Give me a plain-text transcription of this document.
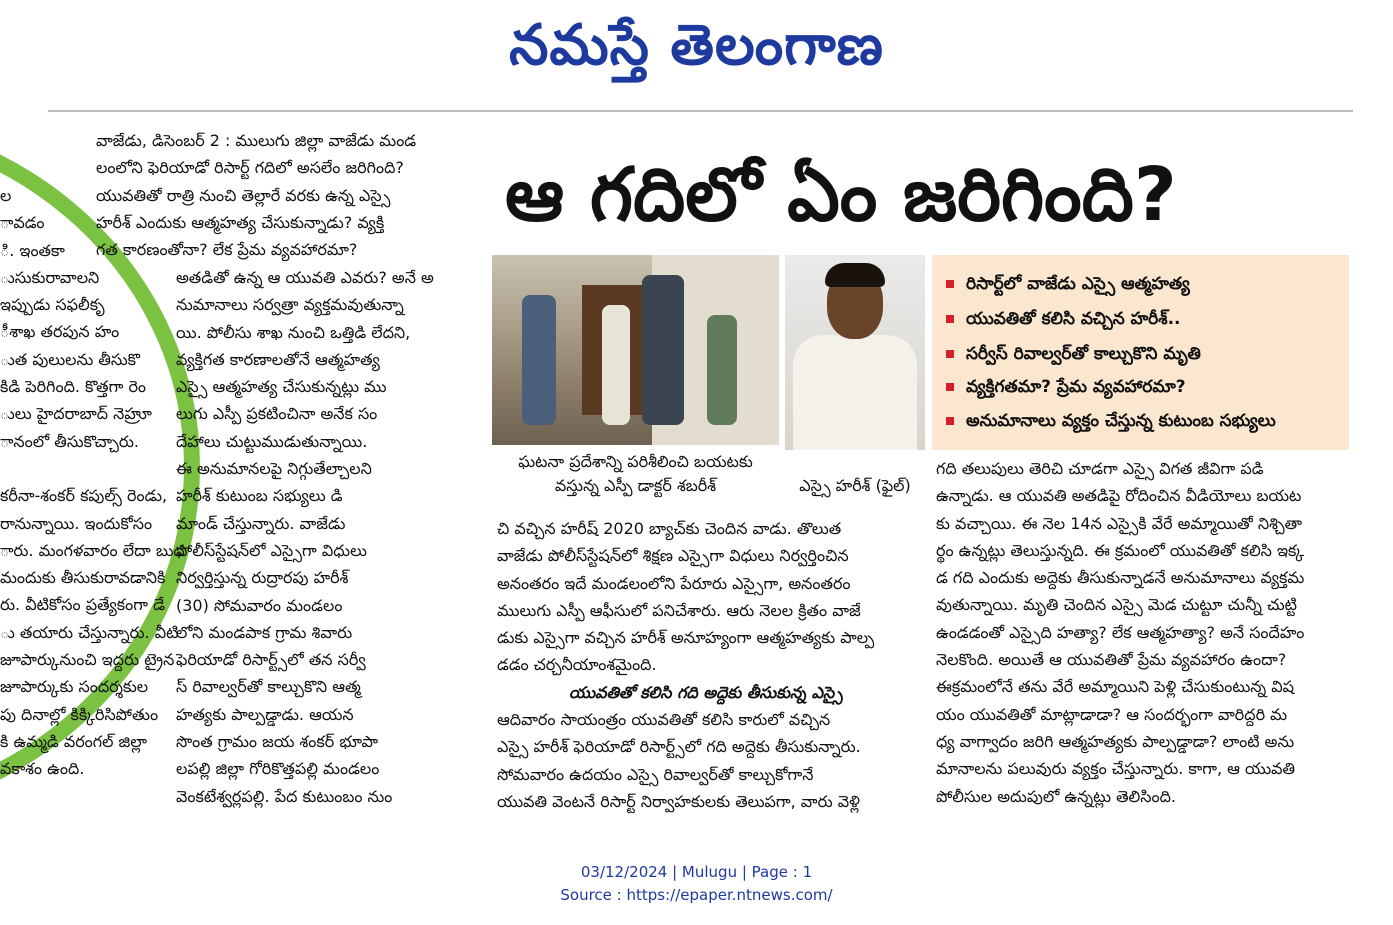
నమస్తే తెలంగాణ
ల
ావడం
ి. ఇంతకా
ుసుకురావాలని
ఇప్పుడు సఫలీకృ
ీశాఖ తరపున హం
ుత పులులను తీసుకొ
కిడి పెరిగింది. కొత్తగా రెం
ులు హైదరాబాద్ నెహ్రూ
ానంలో తీసుకొచ్చారు.
కరీనా-శంకర్ కపుల్స్ రెండు,
రానున్నాయి. ఇందుకోసం
ారు. మంగళవారం లేదా బుధ
మందుకు తీసుకురావడానికి
రు. వీటికోసం ప్రత్యేకంగా డే
ు తయారు చేస్తున్నారు. వీటి
జూపార్కునుంచి ఇద్దరు ట్రైన
జూపార్కుకు సందర్శకుల
పు దినాల్లో కిక్కిరిసిపోతుం
కి ఉమ్మడి వరంగల్ జిల్లా
వకాశం ఉంది.
వాజేడు, డిసెంబర్ 2 : ములుగు జిల్లా వాజేడు మండ
లంలోని ఫెరియాడో రిసార్ట్ గదిలో అసలేం జరిగింది?
యువతితో రాత్రి నుంచి తెల్లారే వరకు ఉన్న ఎస్సై
హరీశ్ ఎందుకు ఆత్మహత్య చేసుకున్నాడు? వ్యక్తి
గత కారణంతోనా? లేక ప్రేమ వ్యవహారమా?
అతడితో ఉన్న ఆ యువతి ఎవరు? అనే అ
నుమానాలు సర్వత్రా వ్యక్తమవుతున్నా
యి. పోలీసు శాఖ నుంచి ఒత్తిడి లేదని,
వ్యక్తిగత కారణాలతోనే ఆత్మహత్య
ఎస్సై ఆత్మహత్య చేసుకున్నట్లు ము
లుగు ఎస్పీ ప్రకటించినా అనేక సం
దేహాలు చుట్టుముడుతున్నాయి.
ఈ అనుమానలపై నిగ్గుతేల్చాలని
హరీశ్ కుటుంబ సభ్యులు డి
మాండ్ చేస్తున్నారు. వాజేడు
పోలీస్‌స్టేషన్‌లో ఎస్సైగా విధులు
నిర్వర్తిస్తున్న రుద్రారపు హరీశ్
(30) సోమవారం మండలం
లోని మండపాక గ్రామ శివారు
ఫెరియాడో రిసార్ట్స్‌లో తన సర్వీ
స్ రివాల్వర్‌తో కాల్చుకొని ఆత్మ
హత్యకు పాల్పడ్డాడు. ఆయన
సొంత గ్రామం జయ శంకర్ భూపా
లపల్లి జిల్లా గోరికొత్తపల్లి మండలం
వెంకటేశ్వర్లపల్లి. పేద కుటుంబం నుం
ఆ గదిలో ఏం జరిగింది?
ఘటనా ప్రదేశాన్ని పరిశీలించి బయటకు
వస్తున్న ఎస్పీ డాక్టర్ శబరీశ్	ఎస్సై హరీశ్ (ఫైల్)
రిసార్ట్‌లో వాజేడు ఎస్సై ఆత్మహత్య
యువతితో కలిసి వచ్చిన హరీశ్..
సర్వీస్ రివాల్వర్‌తో కాల్చుకొని మృతి
వ్యక్తిగతమా? ప్రేమ వ్యవహారమా?
అనుమానాలు వ్యక్తం చేస్తున్న కుటుంబ సభ్యులు
చి వచ్చిన హరీష్ 2020 బ్యాచ్‌కు చెందిన వాడు. తొలుత
వాజేడు పోలీస్‌స్టేషన్‌లో శిక్షణ ఎస్సైగా విధులు నిర్వర్తించిన
అనంతరం ఇదే మండలంలోని పేరూరు ఎస్సైగా, అనంతరం
ములుగు ఎస్పీ ఆఫీసులో పనిచేశారు. ఆరు నెలల క్రితం వాజే
డుకు ఎస్సైగా వచ్చిన హరీశ్ అనూహ్యంగా ఆత్మహత్యకు పాల్ప
డడం చర్చనీయాంశమైంది.
యువతితో కలిసి గది అద్దెకు తీసుకున్న ఎస్సై
ఆదివారం సాయంత్రం యువతితో కలిసి కారులో వచ్చిన
ఎస్సై హరీశ్ ఫెరియాడో రిసార్ట్స్‌లో గది అద్దెకు తీసుకున్నారు.
సోమవారం ఉదయం ఎస్సై రివాల్వర్‌తో కాల్చుకోగానే
యువతి వెంటనే రిసార్ట్ నిర్వాహకులకు తెలుపగా, వారు వెళ్లి
గది తలుపులు తెరిచి చూడగా ఎస్సై విగత జీవిగా పడి
ఉన్నాడు. ఆ యువతి అతడిపై రోదించిన వీడియోలు బయట
కు వచ్చాయి. ఈ నెల 14న ఎస్సైకి వేరే అమ్మాయితో నిశ్చితా
ర్థం ఉన్నట్లు తెలుస్తున్నది. ఈ క్రమంలో యువతితో కలిసి ఇక్క
డ గది ఎందుకు అద్దెకు తీసుకున్నాడనే అనుమానాలు వ్యక్తమ
వుతున్నాయి. మృతి చెందిన ఎస్సై మెడ చుట్టూ చున్నీ చుట్టి
ఉండడంతో ఎస్సైది హత్యా? లేక ఆత్మహత్యా? అనే సందేహం
నెలకొంది. అయితే ఆ యువతితో ప్రేమ వ్యవహారం ఉందా?
ఈక్రమంలోనే తను వేరే అమ్మాయిని పెళ్లి చేసుకుంటున్న విష
యం యువతితో మాట్లాడాడా? ఆ సందర్భంగా వారిద్దరి మ
ధ్య వాగ్వాదం జరిగి ఆత్మహత్యకు పాల్పడ్డాడా? లాంటి అను
మానాలను పలువురు వ్యక్తం చేస్తున్నారు. కాగా, ఆ యువతి
పోలీసుల అదుపులో ఉన్నట్లు తెలిసింది.
03/12/2024 | Mulugu | Page : 1
Source : https://epaper.ntnews.com/
